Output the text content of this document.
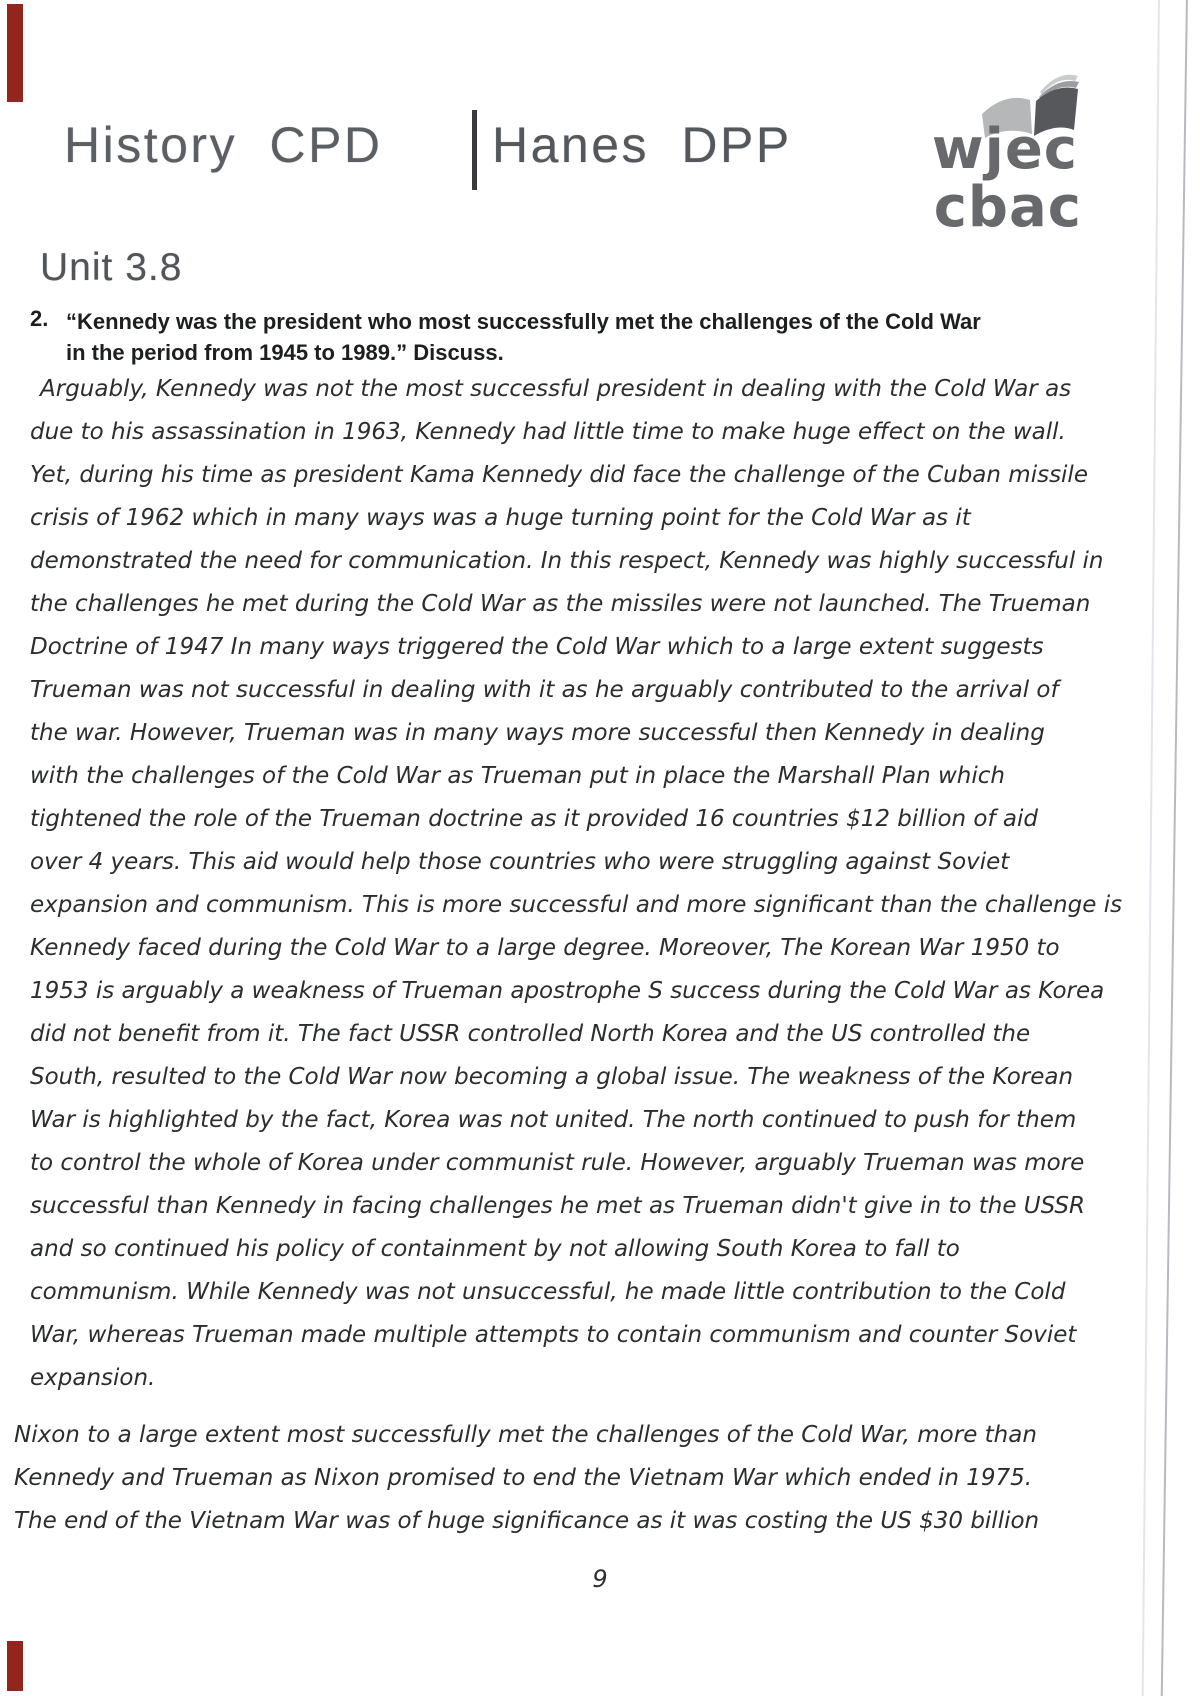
History CPD Hanes DPP	wjec
cbac
Unit 3.8
2. “Kennedy was the president who most successfully met the challenges of the Cold War
in the period from 1945 to 1989.” Discuss.
Arguably, Kennedy was not the most successful president in dealing with the Cold War as
due to his assassination in 1963, Kennedy had little time to make huge effect on the wall.
Yet, during his time as president Kama Kennedy did face the challenge of the Cuban missile
crisis of 1962 which in many ways was a huge turning point for the Cold War as it
demonstrated the need for communication. In this respect, Kennedy was highly successful in
the challenges he met during the Cold War as the missiles were not launched. The Trueman
Doctrine of 1947 In many ways triggered the Cold War which to a large extent suggests
Trueman was not successful in dealing with it as he arguably contributed to the arrival of
the war. However, Trueman was in many ways more successful then Kennedy in dealing
with the challenges of the Cold War as Trueman put in place the Marshall Plan which
tightened the role of the Trueman doctrine as it provided 16 countries $12 billion of aid
over 4 years. This aid would help those countries who were struggling against Soviet
expansion and communism. This is more successful and more significant than the challenge is
Kennedy faced during the Cold War to a large degree. Moreover, The Korean War 1950 to
1953 is arguably a weakness of Trueman apostrophe S success during the Cold War as Korea
did not benefit from it. The fact USSR controlled North Korea and the US controlled the
South, resulted to the Cold War now becoming a global issue. The weakness of the Korean
War is highlighted by the fact, Korea was not united. The north continued to push for them
to control the whole of Korea under communist rule. However, arguably Trueman was more
successful than Kennedy in facing challenges he met as Trueman didn't give in to the USSR
and so continued his policy of containment by not allowing South Korea to fall to
communism. While Kennedy was not unsuccessful, he made little contribution to the Cold
War, whereas Trueman made multiple attempts to contain communism and counter Soviet
expansion.
Nixon to a large extent most successfully met the challenges of the Cold War, more than
Kennedy and Trueman as Nixon promised to end the Vietnam War which ended in 1975.
The end of the Vietnam War was of huge significance as it was costing the US $30 billion
9
